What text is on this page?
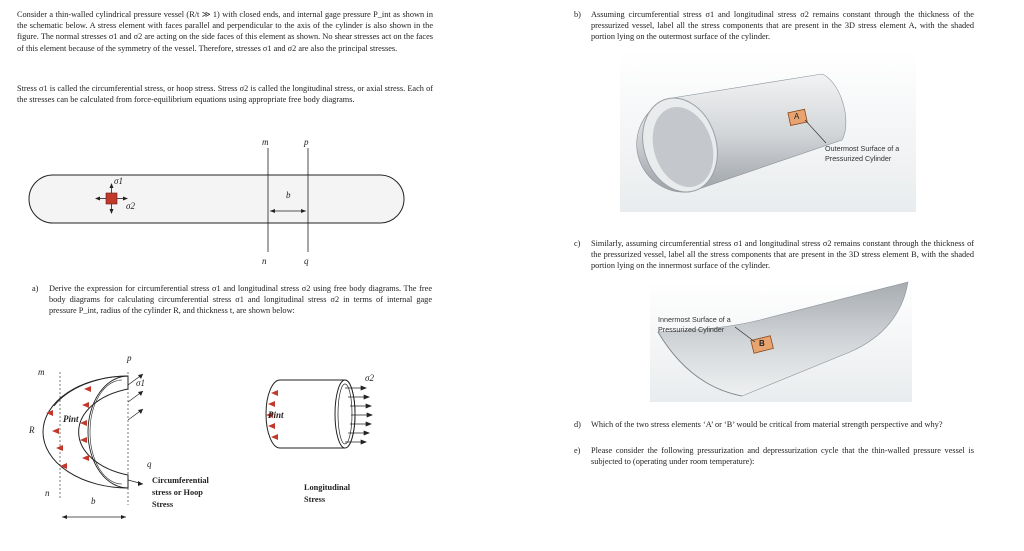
Consider a thin-walled cylindrical pressure vessel (R/t ≫ 1) with closed ends, and internal gage pressure P_int as shown in the schematic below. A stress element with faces parallel and perpendicular to the axis of the cylinder is also shown in the figure. The normal stresses σ1 and σ2 are acting on the side faces of this element as shown. No shear stresses act on the faces of this element because of the symmetry of the vessel. Therefore, stresses σ1 and σ2 are also the principal stresses.
Stress σ1 is called the circumferential stress, or hoop stress. Stress σ2 is called the longitudinal stress, or axial stress. Each of the stresses can be calculated from force-equilibrium equations using appropriate free body diagrams.
m	p
n	q
b
σ1
σ2
a) Derive the expression for circumferential stress σ1 and longitudinal stress σ2 using free body diagrams. The free body diagrams for calculating circumferential stress σ1 and longitudinal stress σ2 in terms of internal gage pressure P_int, radius of the cylinder R, and thickness t, are shown below:
m
p
σ1
R
Pint
q
n
b
Circumferential
stress or Hoop
Stress
σ2
Pint
Longitudinal
Stress
b) Assuming circumferential stress σ1 and longitudinal stress σ2 remains constant through the thickness of the pressurized vessel, label all the stress components that are present in the 3D stress element A, with the shaded portion lying on the outermost surface of the cylinder.
A
Outermost Surface of a
Pressurized Cylinder
c) Similarly, assuming circumferential stress σ1 and longitudinal stress σ2 remains constant through the thickness of the pressurized vessel, label all the stress components that are present in the 3D stress element B, with the shaded portion lying on the innermost surface of the cylinder.
B
Innermost Surface of a
Pressurized Cylinder
d) Which of the two stress elements ‘A’ or ‘B’ would be critical from material strength perspective and why?
e) Please consider the following pressurization and depressurization cycle that the thin-walled pressure vessel is subjected to (operating under room temperature):
